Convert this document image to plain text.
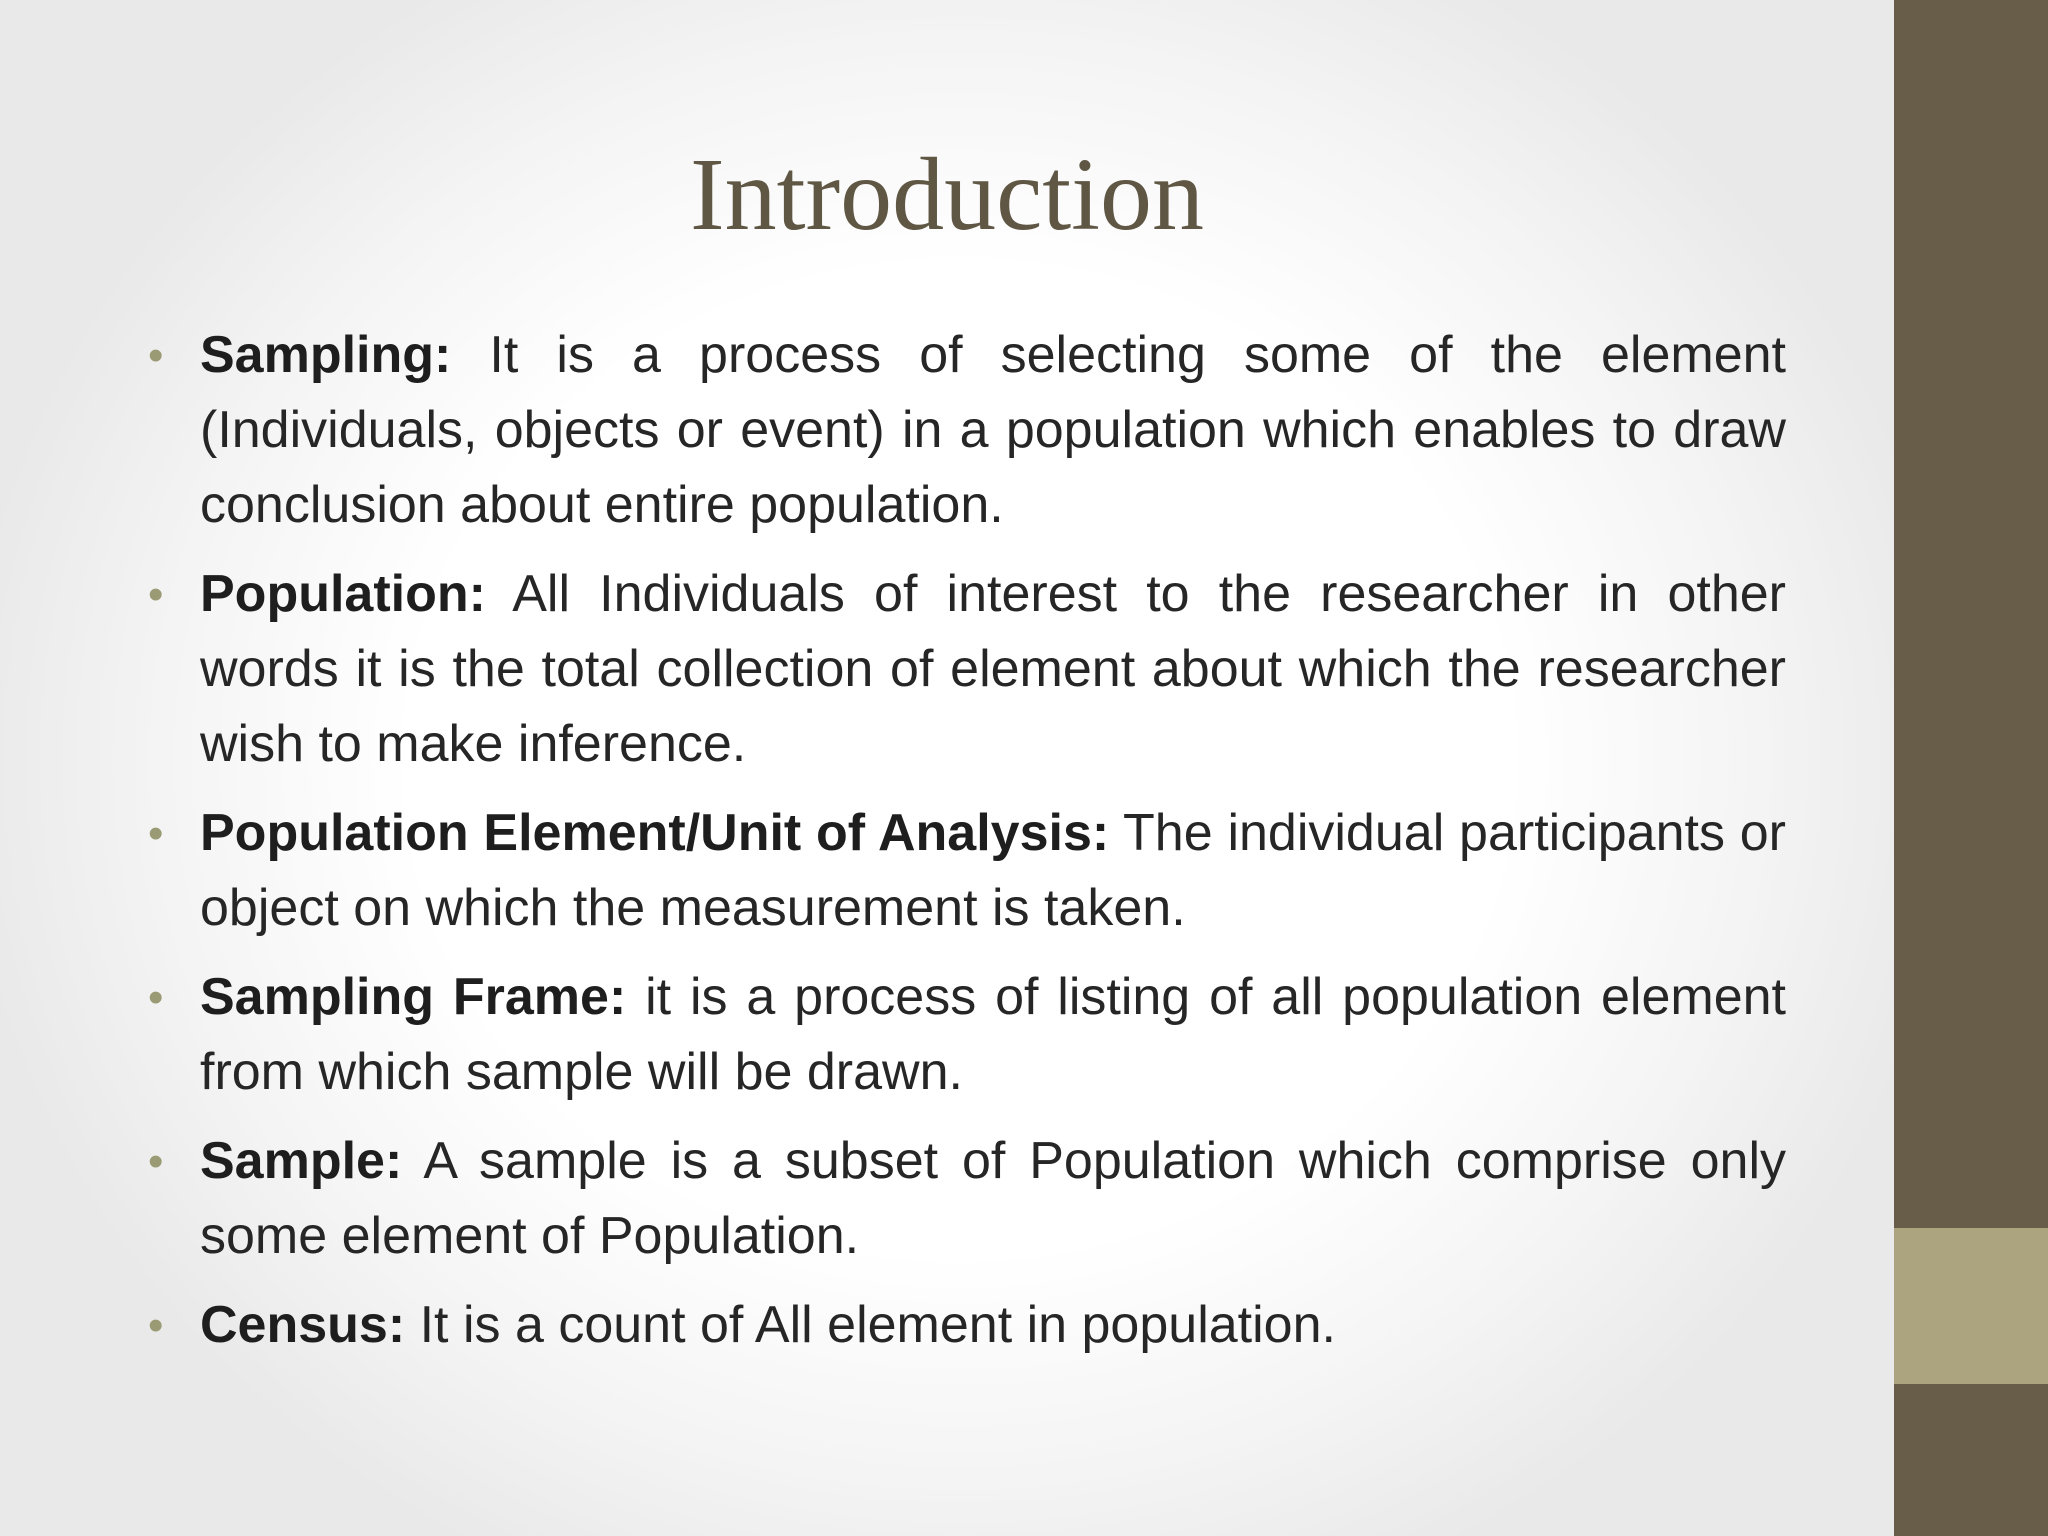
Introduction
• Sampling: It is a process of selecting some of the element (Individuals, objects or event) in a population which enables to draw conclusion about entire population.
• Population: All Individuals of interest to the researcher in other words it is the total collection of element about which the researcher wish to make inference.
• Population Element/Unit of Analysis: The individual participants or object on which the measurement is taken.
• Sampling Frame: it is a process of listing of all population element from which sample will be drawn.
• Sample: A sample is a subset of Population which comprise only some element of Population.
• Census: It is a count of All element in population.
